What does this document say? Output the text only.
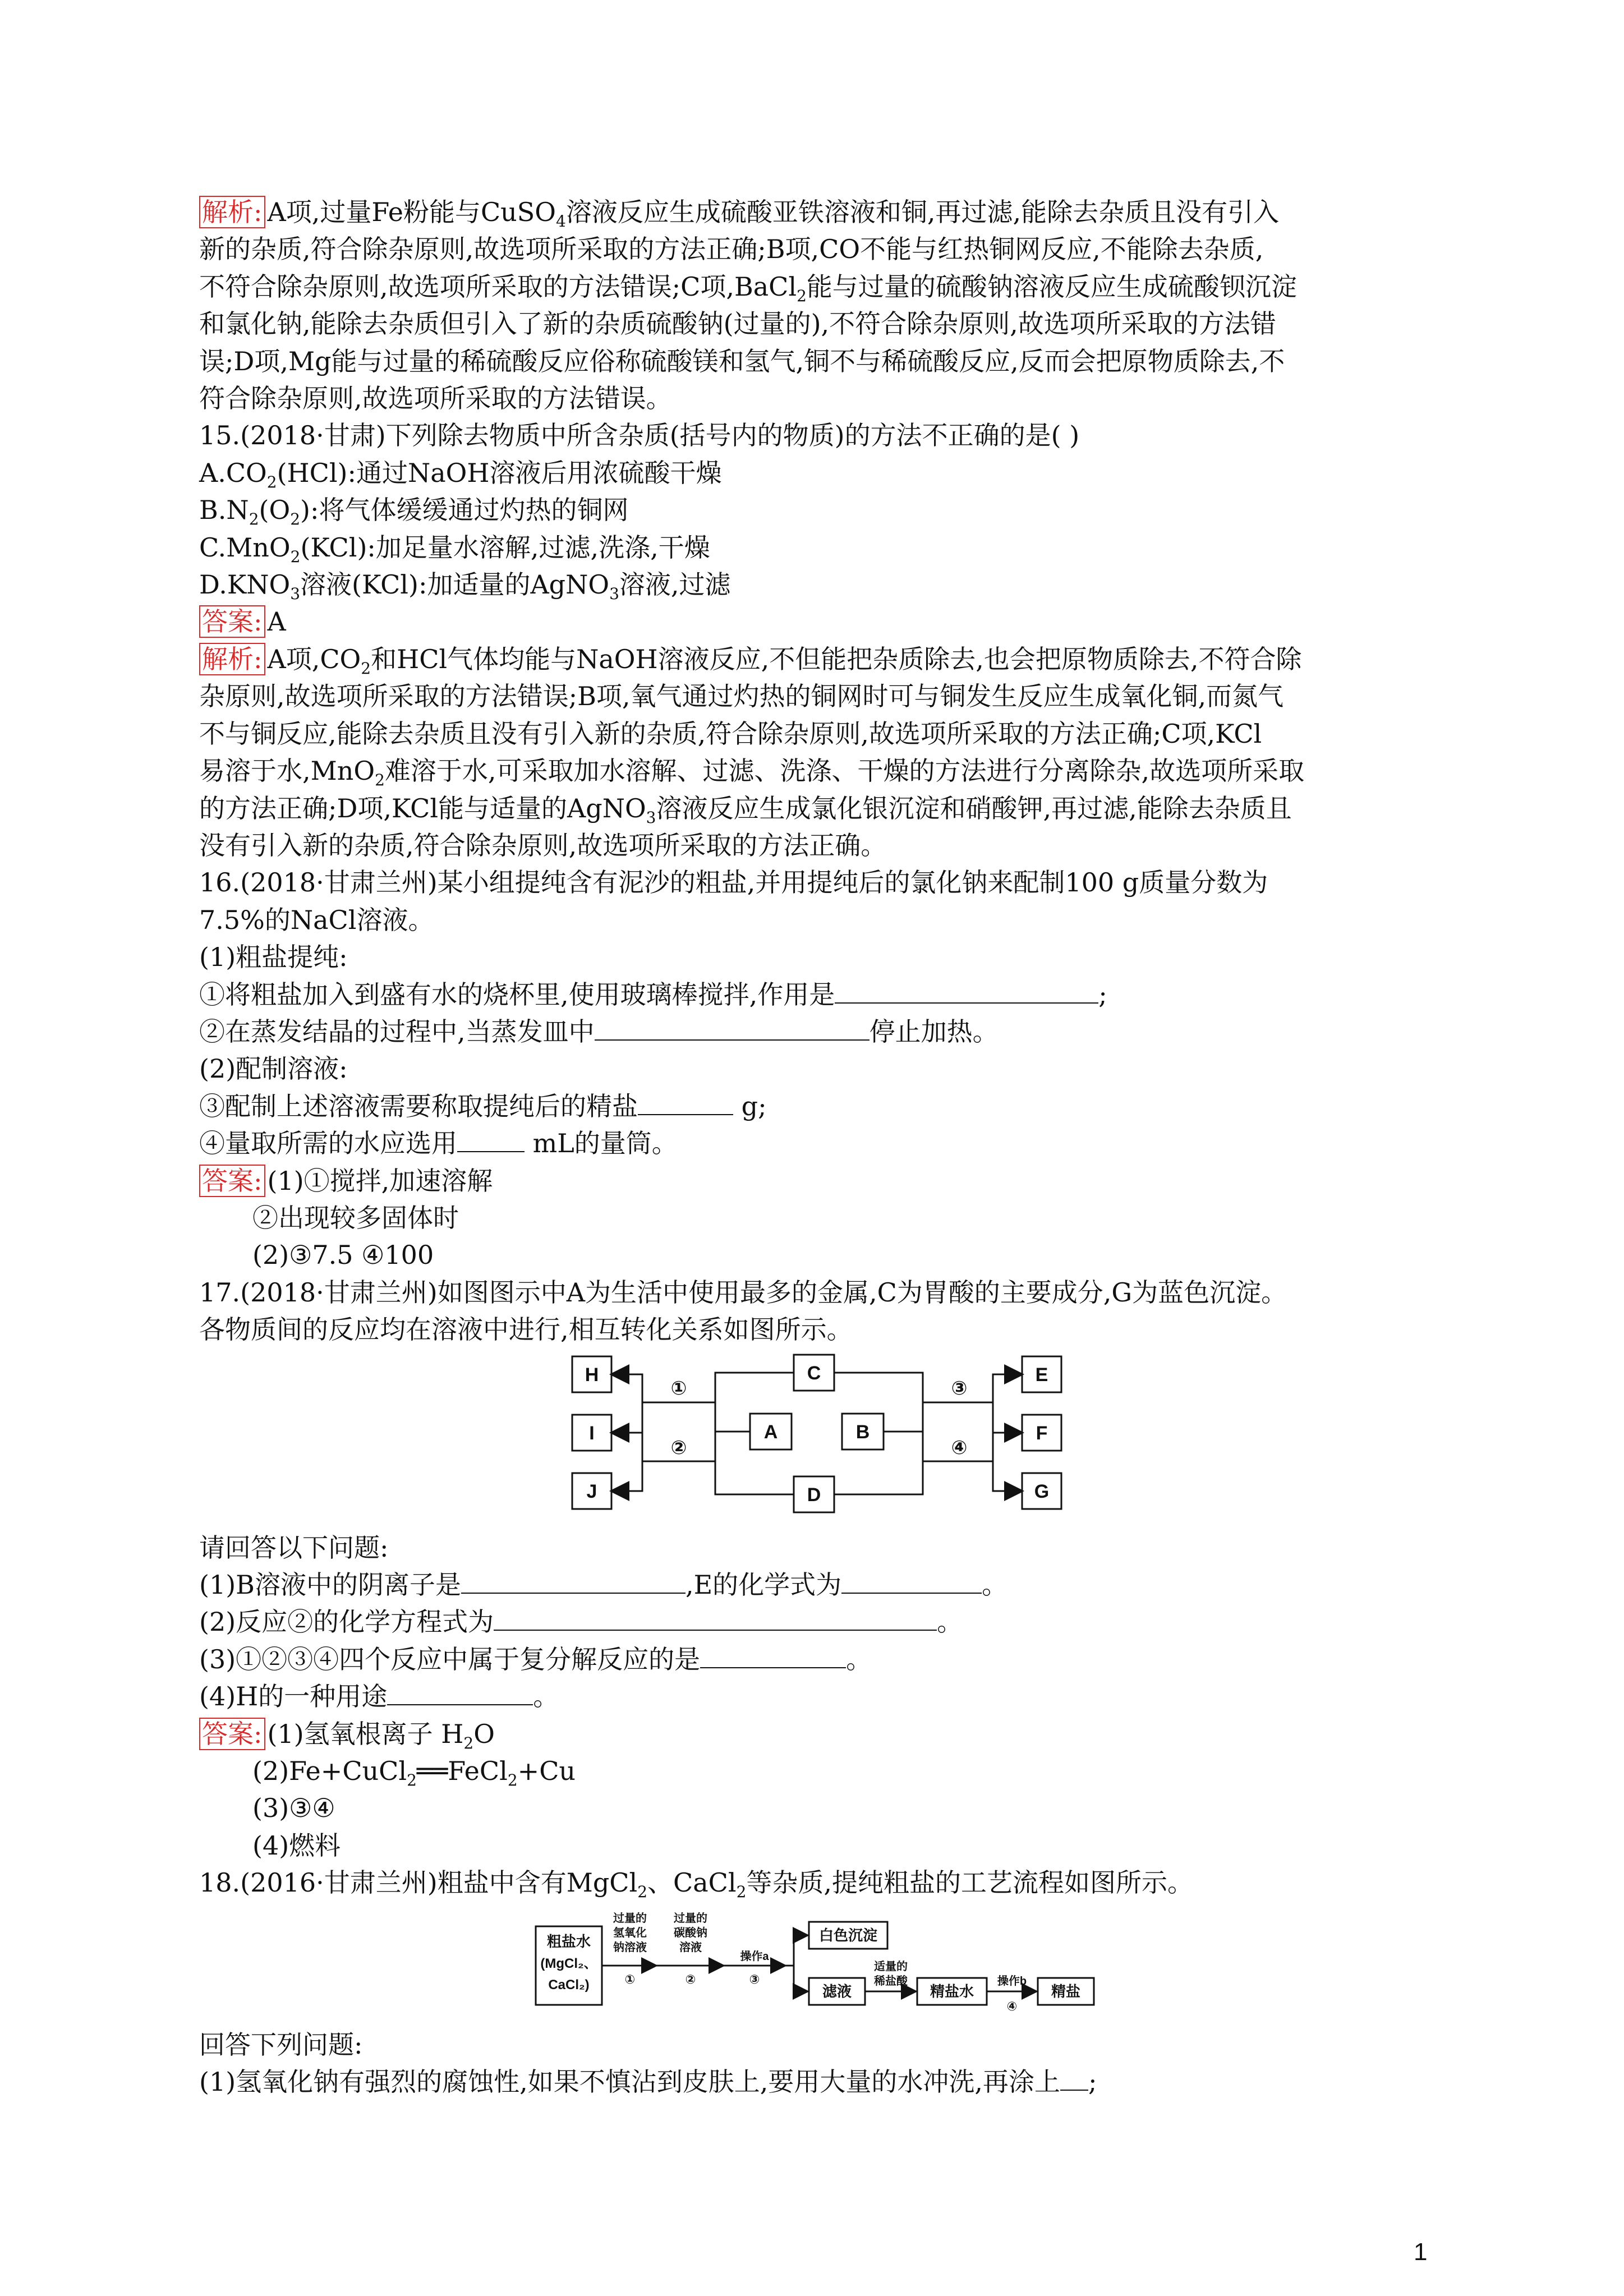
解析: A项,过量Fe粉能与CuSO$_4$溶液反应生成硫酸亚铁溶液和铜,再过滤,能除去杂质且没有引入
新的杂质,符合除杂原则,故选项所采取的方法正确;B项,CO不能与红热铜网反应,不能除去杂质,
不符合除杂原则,故选项所采取的方法错误;C项,BaCl$_2$能与过量的硫酸钠溶液反应生成硫酸钡沉淀
和氯化钠,能除去杂质但引入了新的杂质硫酸钠(过量的),不符合除杂原则,故选项所采取的方法错
误;D项,Mg能与过量的稀硫酸反应俗称硫酸镁和氢气,铜不与稀硫酸反应,反而会把原物质除去,不
符合除杂原则,故选项所采取的方法错误。
15.(2018·甘肃)下列除去物质中所含杂质(括号内的物质)的方法不正确的是( )
$A.CO_2(HCl)$:通过NaOH溶液后用浓硫酸干燥
$B.N_2(O_2)$:将气体缓缓通过灼热的铜网
C.MnO$_2$(KCl):加足量水溶解,过滤,洗涤,干燥
$D.KNO_3$溶液(KCl):加适量的AgNO$_3$溶液,过滤
答案: A
解析: A项$,CO_2$和HCl气体均能与NaOH溶液反应,不但能把杂质除去,也会把原物质除去,不符合除
杂原则,故选项所采取的方法错误;B项,氧气通过灼热的铜网时可与铜发生反应生成氧化铜,而氮气
不与铜反应,能除去杂质且没有引入新的杂质,符合除杂原则,故选项所采取的方法正确;C项,KCl
易溶于水,MnO$_2$难溶于水,可采取加水溶解、过滤、洗涤、干燥的方法进行分离除杂,故选项所采取
的方法正确;D项,KCl能与适量的AgNO$_3$溶液反应生成氯化银沉淀和硝酸钾,再过滤,能除去杂质且
没有引入新的杂质,符合除杂原则,故选项所采取的方法正确。
16.(2018·甘肃兰州)某小组提纯含有泥沙的粗盐,并用提纯后的氯化钠来配制100 g质量分数为
7.5%的NaCl溶液。
(1)粗盐提纯:
①将粗盐加入到盛有水的烧杯里,使用玻璃棒搅拌,作用是	;
②在蒸发结晶的过程中,当蒸发皿中	停止加热。
(2)配制溶液:
③配制上述溶液需要称取提纯后的精盐	g;
④量取所需的水应选用	mL的量筒。
答案: (1)①搅拌,加速溶解
②出现较多固体时
(2)③7.5 ④100
17.(2018·甘肃兰州)如图图示中A为生活中使用最多的金属,C为胃酸的主要成分,G为蓝色沉淀。
各物质间的反应均在溶液中进行,相互转化关系如图所示。
H
I
J
C
A
D
B
E
F
G
①
②
③
④
请回答以下问题:
(1)B溶液中的阴离子是	,E的化学式为	。
(2)反应②的化学方程式为	。
(3)①②③④四个反应中属于复分解反应的是	。
(4)H的一种用途	。
答案: (1)氢氧根离子 $H_2O$
(2)Fe+CuCl$_2$══FeCl$_2$+Cu
(3)③④
(4)燃料
18.(2016·甘肃兰州)粗盐中含有MgCl$_2$、CaCl$_2$等杂质,提纯粗盐的工艺流程如图所示。
粗盐水
(MgCl₂、
CaCl₂)
过量的
氢氧化
钠溶液
①
过量的
碳酸钠
溶液
②
操作a
③
白色沉淀
滤液
适量的
稀盐酸
精盐水
操作b
④
精盐
回答下列问题:
(1)氢氧化钠有强烈的腐蚀性,如果不慎沾到皮肤上,要用大量的水冲洗,再涂上 ;
1
